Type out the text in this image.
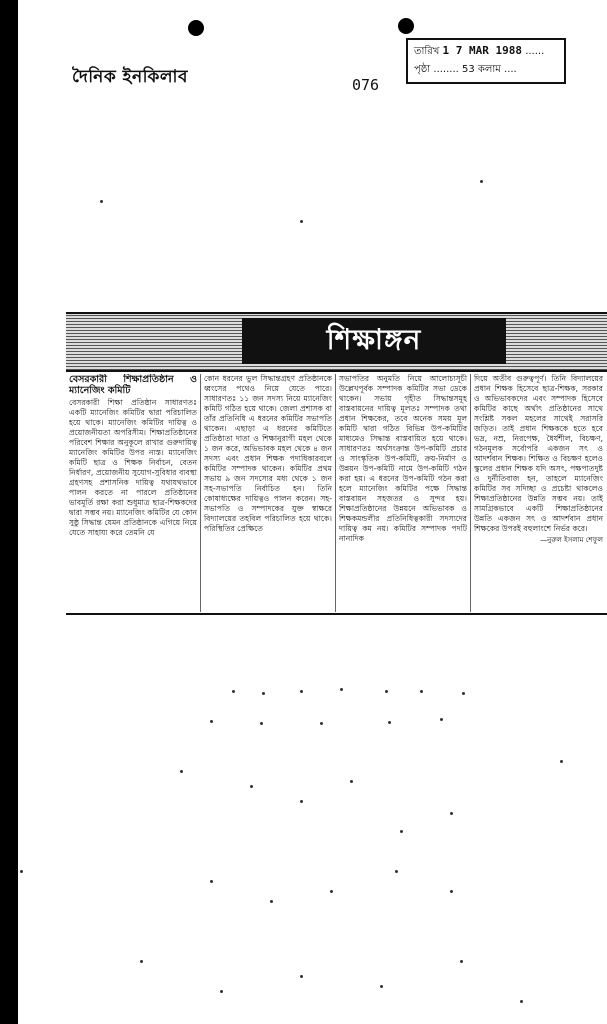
দৈনিক ইনকিলাব	076
তারিখ 1 7 MAR 1988 ......
পৃষ্ঠা ........ 53 কলাম ....
শিক্ষাঙ্গন
বেসরকারী শিক্ষাপ্রতিষ্ঠান ও ম্যানেজিং কমিটি

বেসরকারী শিক্ষা প্রতিষ্ঠান সাধারণতঃ একটি ম্যানেজিং কমিটির দ্বারা পরিচালিত হয়ে থাকে। ম্যানেজিং কমিটির দায়িত্ব ও প্রয়োজনীয়তা অপরিসীম। শিক্ষাপ্রতিষ্ঠানের পরিবেশ শিক্ষার অনুকূলে রাখার গুরুদায়িত্ব ম্যানেজিং কমিটির উপর ন্যস্ত। ম্যানেজিং কমিটি ছাত্র ও শিক্ষক নির্বাচন, বেতন নির্ধারণ, প্রয়োজনীয় সুযোগ-সুবিধার ব্যবস্থা গ্রহণসহ প্রশাসনিক দায়িত্ব যথাযথভাবে পালন করতে না পারলে প্রতিষ্ঠানের ভাবমূর্তি রক্ষা করা শুধুমাত্র ছাত্র-শিক্ষকদের দ্বারা সম্ভব নয়। ম্যানেজিং কমিটির যে কোন সুষ্ঠু সিদ্ধান্ত যেমন প্রতিষ্ঠানকে এগিয়ে নিয়ে যেতে সাহায্য করে তেমনি যে

কোন ধরনের ভুল সিদ্ধান্তগ্রহণ প্রতিষ্ঠানকে ধ্বংসের পথেও নিয়ে যেতে পারে। সাধারণতঃ ১১ জন সদস্য নিয়ে ম্যানেজিং কমিটি গঠিত হয়ে থাকে। জেলা প্রশাসক বা তাঁর প্রতিনিধি এ ধরনের কমিটির সভাপতি থাকেন। এছাড়া এ ধরনের কমিটিতে প্রতিষ্ঠাতা দাতা ও শিক্ষানুরাগী মহল থেকে ১ জন করে, অভিভাবক মহল থেকে ৪ জন সদস্য এবং প্রধান শিক্ষক পদাধিকারবলে কমিটির সম্পাদক থাকেন। কমিটির প্রথম সভায় ৯ জন সদস্যের মধ্য থেকে ১ জন সহ-সভাপতি নির্বাচিত হন। তিনি কোষাধ্যক্ষের দায়িত্বও পালন করেন। সহ-সভাপতি ও সম্পাদকের যুক্ত স্বাক্ষরে বিদ্যালয়ের তহবিল পরিচালিত হয়ে থাকে। পরিস্থিতির প্রেক্ষিতে

সভাপতির অনুমতি নিয়ে আলোচ্যসূচী উল্লেখপূর্বক সম্পাদক কমিটির সভা ডেকে থাকেন। সভায় গৃহীত সিদ্ধান্তসমূহ বাস্তবায়নের দায়িত্ব মূলতঃ সম্পাদক তথা প্রধান শিক্ষকের, তবে অনেক সময় মূল কমিটি দ্বারা গঠিত বিভিন্ন উপ-কমিটির মাধ্যমেও সিদ্ধান্ত বাস্তবায়িত হয়ে থাকে। সাধারণতঃ অর্থসংক্রান্ত উপ-কমিটি প্রচার ও সাংস্কৃতিক উপ-কমিটি, ক্রয়-নির্মাণ ও উন্নয়ন উপ-কমিটি নামে উপ-কমিটি গঠন করা হয়। এ ধরনের উপ-কমিটি গঠন করা হলে ম্যানেজিং কমিটির পক্ষে সিদ্ধান্ত বাস্তবায়ন সহজতর ও সুন্দর হয়। শিক্ষাপ্রতিষ্ঠানের উন্নয়নে অভিভাবক ও শিক্ষকমন্ডলীর প্রতিনিধিত্বকারী সদস্যদের দায়িত্ব কম নয়। কমিটির সম্পাদক পদটি নানাদিক

দিয়ে অতীব গুরুত্বপূর্ণ। তিনি বিদ্যালয়ের প্রধান শিক্ষক হিসেবে ছাত্র-শিক্ষক, সরকার ও অভিভাবকদের এবং সম্পাদক হিসেবে কমিটির কাছে অর্থাৎ প্রতিষ্ঠানের সাথে সংশ্লিষ্ট সকল মহলের সাথেই সরাসরি জড়িত। তাই প্রধান শিক্ষককে হতে হবে ভদ্র, নম্র, নিরপেক্ষ, ধৈর্যশীল, বিচক্ষণ, গঠনমূলক সর্বোপরি একজন সৎ ও আদর্শবান শিক্ষক। শিক্ষিত ও বিচক্ষণ হলেও স্কুলের প্রধান শিক্ষক যদি অসৎ, পক্ষপাতদুষ্ট ও দুর্নীতিবাজ হন, তাহলে ম্যানেজিং কমিটির সব সদিচ্ছা ও প্রচেষ্টা থাকলেও শিক্ষাপ্রতিষ্ঠানের উন্নতি সম্ভব নয়। তাই সামগ্রিকভাবে একটি শিক্ষাপ্রতিষ্ঠানের উন্নতি একজন সৎ ও আদর্শবান প্রধান শিক্ষকের উপরই বহুলাংশে নির্ভর করে।

—নুরুল ইসলাম শেফুল
